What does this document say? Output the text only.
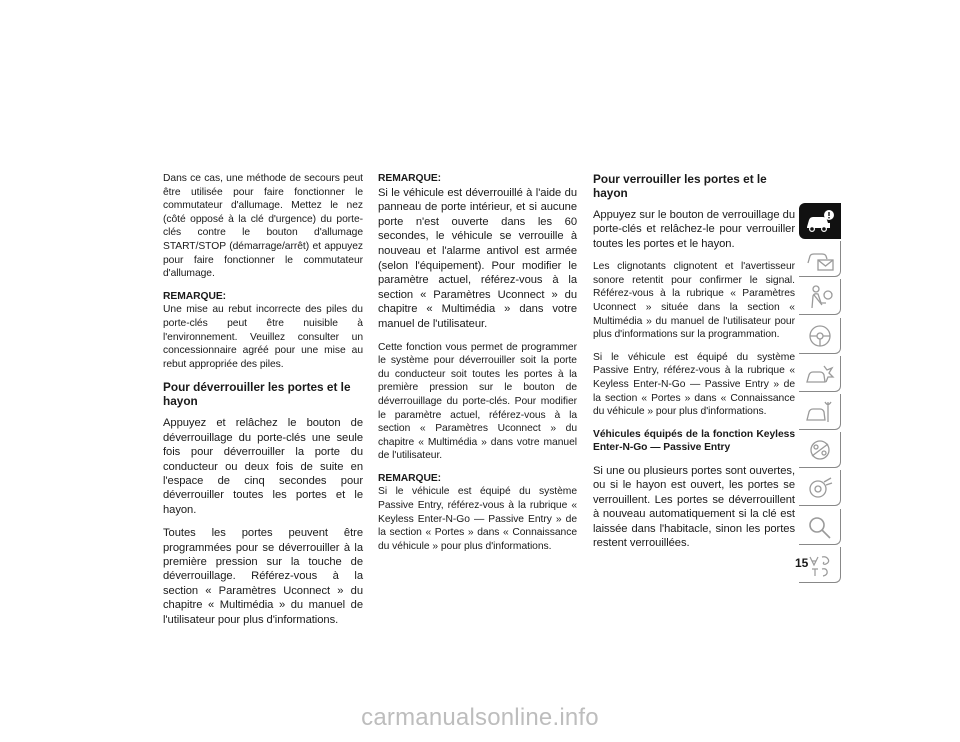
Dans ce cas, une méthode de secours peut être utilisée pour faire fonctionner le commutateur d'allumage. Mettez le nez (côté opposé à la clé d'urgence) du porte-clés contre le bouton d'allumage START/STOP (démarrage/arrêt) et appuyez pour faire fonctionner le commutateur d'allumage.

REMARQUE:
Une mise au rebut incorrecte des piles du porte-clés peut être nuisible à l'environnement. Veuillez consulter un concessionnaire agréé pour une mise au rebut appropriée des piles.

Pour déverrouiller les portes et le hayon

Appuyez et relâchez le bouton de déverrouillage du porte-clés une seule fois pour déverrouiller la porte du conducteur ou deux fois de suite en l'espace de cinq secondes pour déverrouiller toutes les portes et le hayon.

Toutes les portes peuvent être programmées pour se déverrouiller à la première pression sur la touche de déverrouillage. Référez-vous à la section « Paramètres Uconnect » du chapitre « Multimédia » du manuel de l'utilisateur pour plus d'informations.

REMARQUE:
Si le véhicule est déverrouillé à l'aide du panneau de porte intérieur, et si aucune porte n'est ouverte dans les 60 secondes, le véhicule se verrouille à nouveau et l'alarme antivol est armée (selon l'équipement). Pour modifier le paramètre actuel, référez-vous à la section « Paramètres Uconnect » du chapitre « Multimédia » dans votre manuel de l'utilisateur.

Cette fonction vous permet de programmer le système pour déverrouiller soit la porte du conducteur soit toutes les portes à la première pression sur le bouton de déverrouillage du porte-clés. Pour modifier le paramètre actuel, référez-vous à la section « Paramètres Uconnect » du chapitre « Multimédia » dans votre manuel de l'utilisateur.

REMARQUE:
Si le véhicule est équipé du système Passive Entry, référez-vous à la rubrique « Keyless Enter-N-Go — Passive Entry » de la section « Portes » dans « Connaissance du véhicule » pour plus d'informations.

Pour verrouiller les portes et le hayon

Appuyez sur le bouton de verrouillage du porte-clés et relâchez-le pour verrouiller toutes les portes et le hayon.

Les clignotants clignotent et l'avertisseur sonore retentit pour confirmer le signal. Référez-vous à la rubrique « Paramètres Uconnect » située dans la section « Multimédia » du manuel de l'utilisateur pour plus d'informations sur la programmation.

Si le véhicule est équipé du système Passive Entry, référez-vous à la rubrique « Keyless Enter-N-Go — Passive Entry » de la section « Portes » dans « Connaissance du véhicule » pour plus d'informations.

Véhicules équipés de la fonction Keyless Enter-N-Go — Passive Entry

Si une ou plusieurs portes sont ouvertes, ou si le hayon est ouvert, les portes se verrouillent. Les portes se déverrouillent à nouveau automatiquement si la clé est laissée dans l'habitacle, sinon les portes restent verrouillées.

15
carmanualsonline.info
